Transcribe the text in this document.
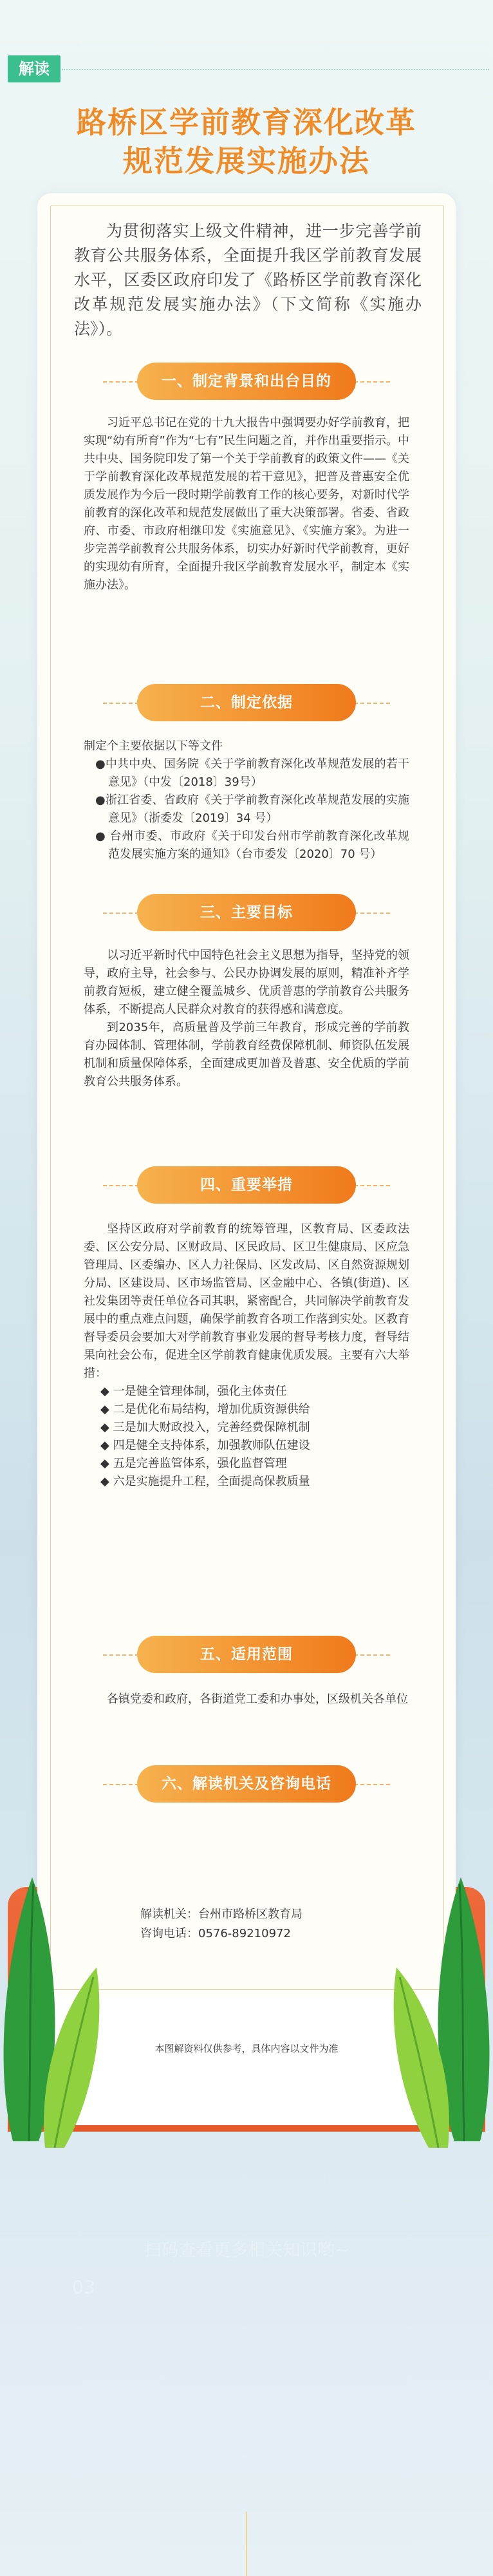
解读
路桥区学前教育深化改革
规范发展实施办法
为贯彻落实上级文件精神，进一步完善学前教育公共服务体系，全面提升我区学前教育发展水平，区委区政府印发了《路桥区学前教育深化改革规范发展实施办法》（下文简称《实施办法》）。
一、制定背景和出台目的

习近平总书记在党的十九大报告中强调要办好学前教育，把实现“幼有所育”作为“七有”民生问题之首，并作出重要指示。中共中央、国务院印发了第一个关于学前教育的政策文件——《关于学前教育深化改革规范发展的若干意见》，把普及普惠安全优质发展作为今后一段时期学前教育工作的核心要务，对新时代学前教育的深化改革和规范发展做出了重大决策部署。省委、省政府、市委、市政府相继印发《实施意见》、《实施方案》。为进一步完善学前教育公共服务体系，切实办好新时代学前教育，更好的实现幼有所育，全面提升我区学前教育发展水平，制定本《实施办法》。

二、制定依据

制定个主要依据以下等文件

●中共中央、国务院《关于学前教育深化改革规范发展的若干意见》（中发〔2018〕39号）
●浙江省委、省政府《关于学前教育深化改革规范发展的实施意见》（浙委发〔2019〕34 号）
● 台州市委、市政府《关于印发台州市学前教育深化改革规范发展实施方案的通知》（台市委发〔2020〕70 号）
三、主要目标

以习近平新时代中国特色社会主义思想为指导，坚持党的领导，政府主导，社会参与、公民办协调发展的原则，精准补齐学前教育短板，建立健全覆盖城乡、优质普惠的学前教育公共服务体系，不断提高人民群众对教育的获得感和满意度。

到2035年，高质量普及学前三年教育，形成完善的学前教育办园体制、管理体制，学前教育经费保障机制、师资队伍发展机制和质量保障体系，全面建成更加普及普惠、安全优质的学前教育公共服务体系。

四、重要举措

坚持区政府对学前教育的统筹管理，区教育局、区委政法委、区公安分局、区财政局、区民政局、区卫生健康局、区应急管理局、区委编办、区人力社保局、区发改局、区自然资源规划分局、区建设局、区市场监管局、区金融中心、各镇(街道)、区社发集团等责任单位各司其职，紧密配合，共同解决学前教育发展中的重点难点问题，确保学前教育各项工作落到实处。区教育督导委员会要加大对学前教育事业发展的督导考核力度，督导结果向社会公布，促进全区学前教育健康优质发展。主要有六大举措：

◆ 一是健全管理体制，强化主体责任
◆ 二是优化布局结构，增加优质资源供给
◆ 三是加大财政投入，完善经费保障机制
◆ 四是健全支持体系，加强教师队伍建设
◆ 五是完善监管体系，强化监督管理
◆ 六是实施提升工程，全面提高保教质量
五、适用范围

各镇党委和政府，各街道党工委和办事处，区级机关各单位

六、解读机关及咨询电话
解读机关：台州市路桥区教育局
咨询电话：0576-89210972
本图解资料仅供参考，具体内容以文件为准
扫码查看更多相关知识哟~
03
